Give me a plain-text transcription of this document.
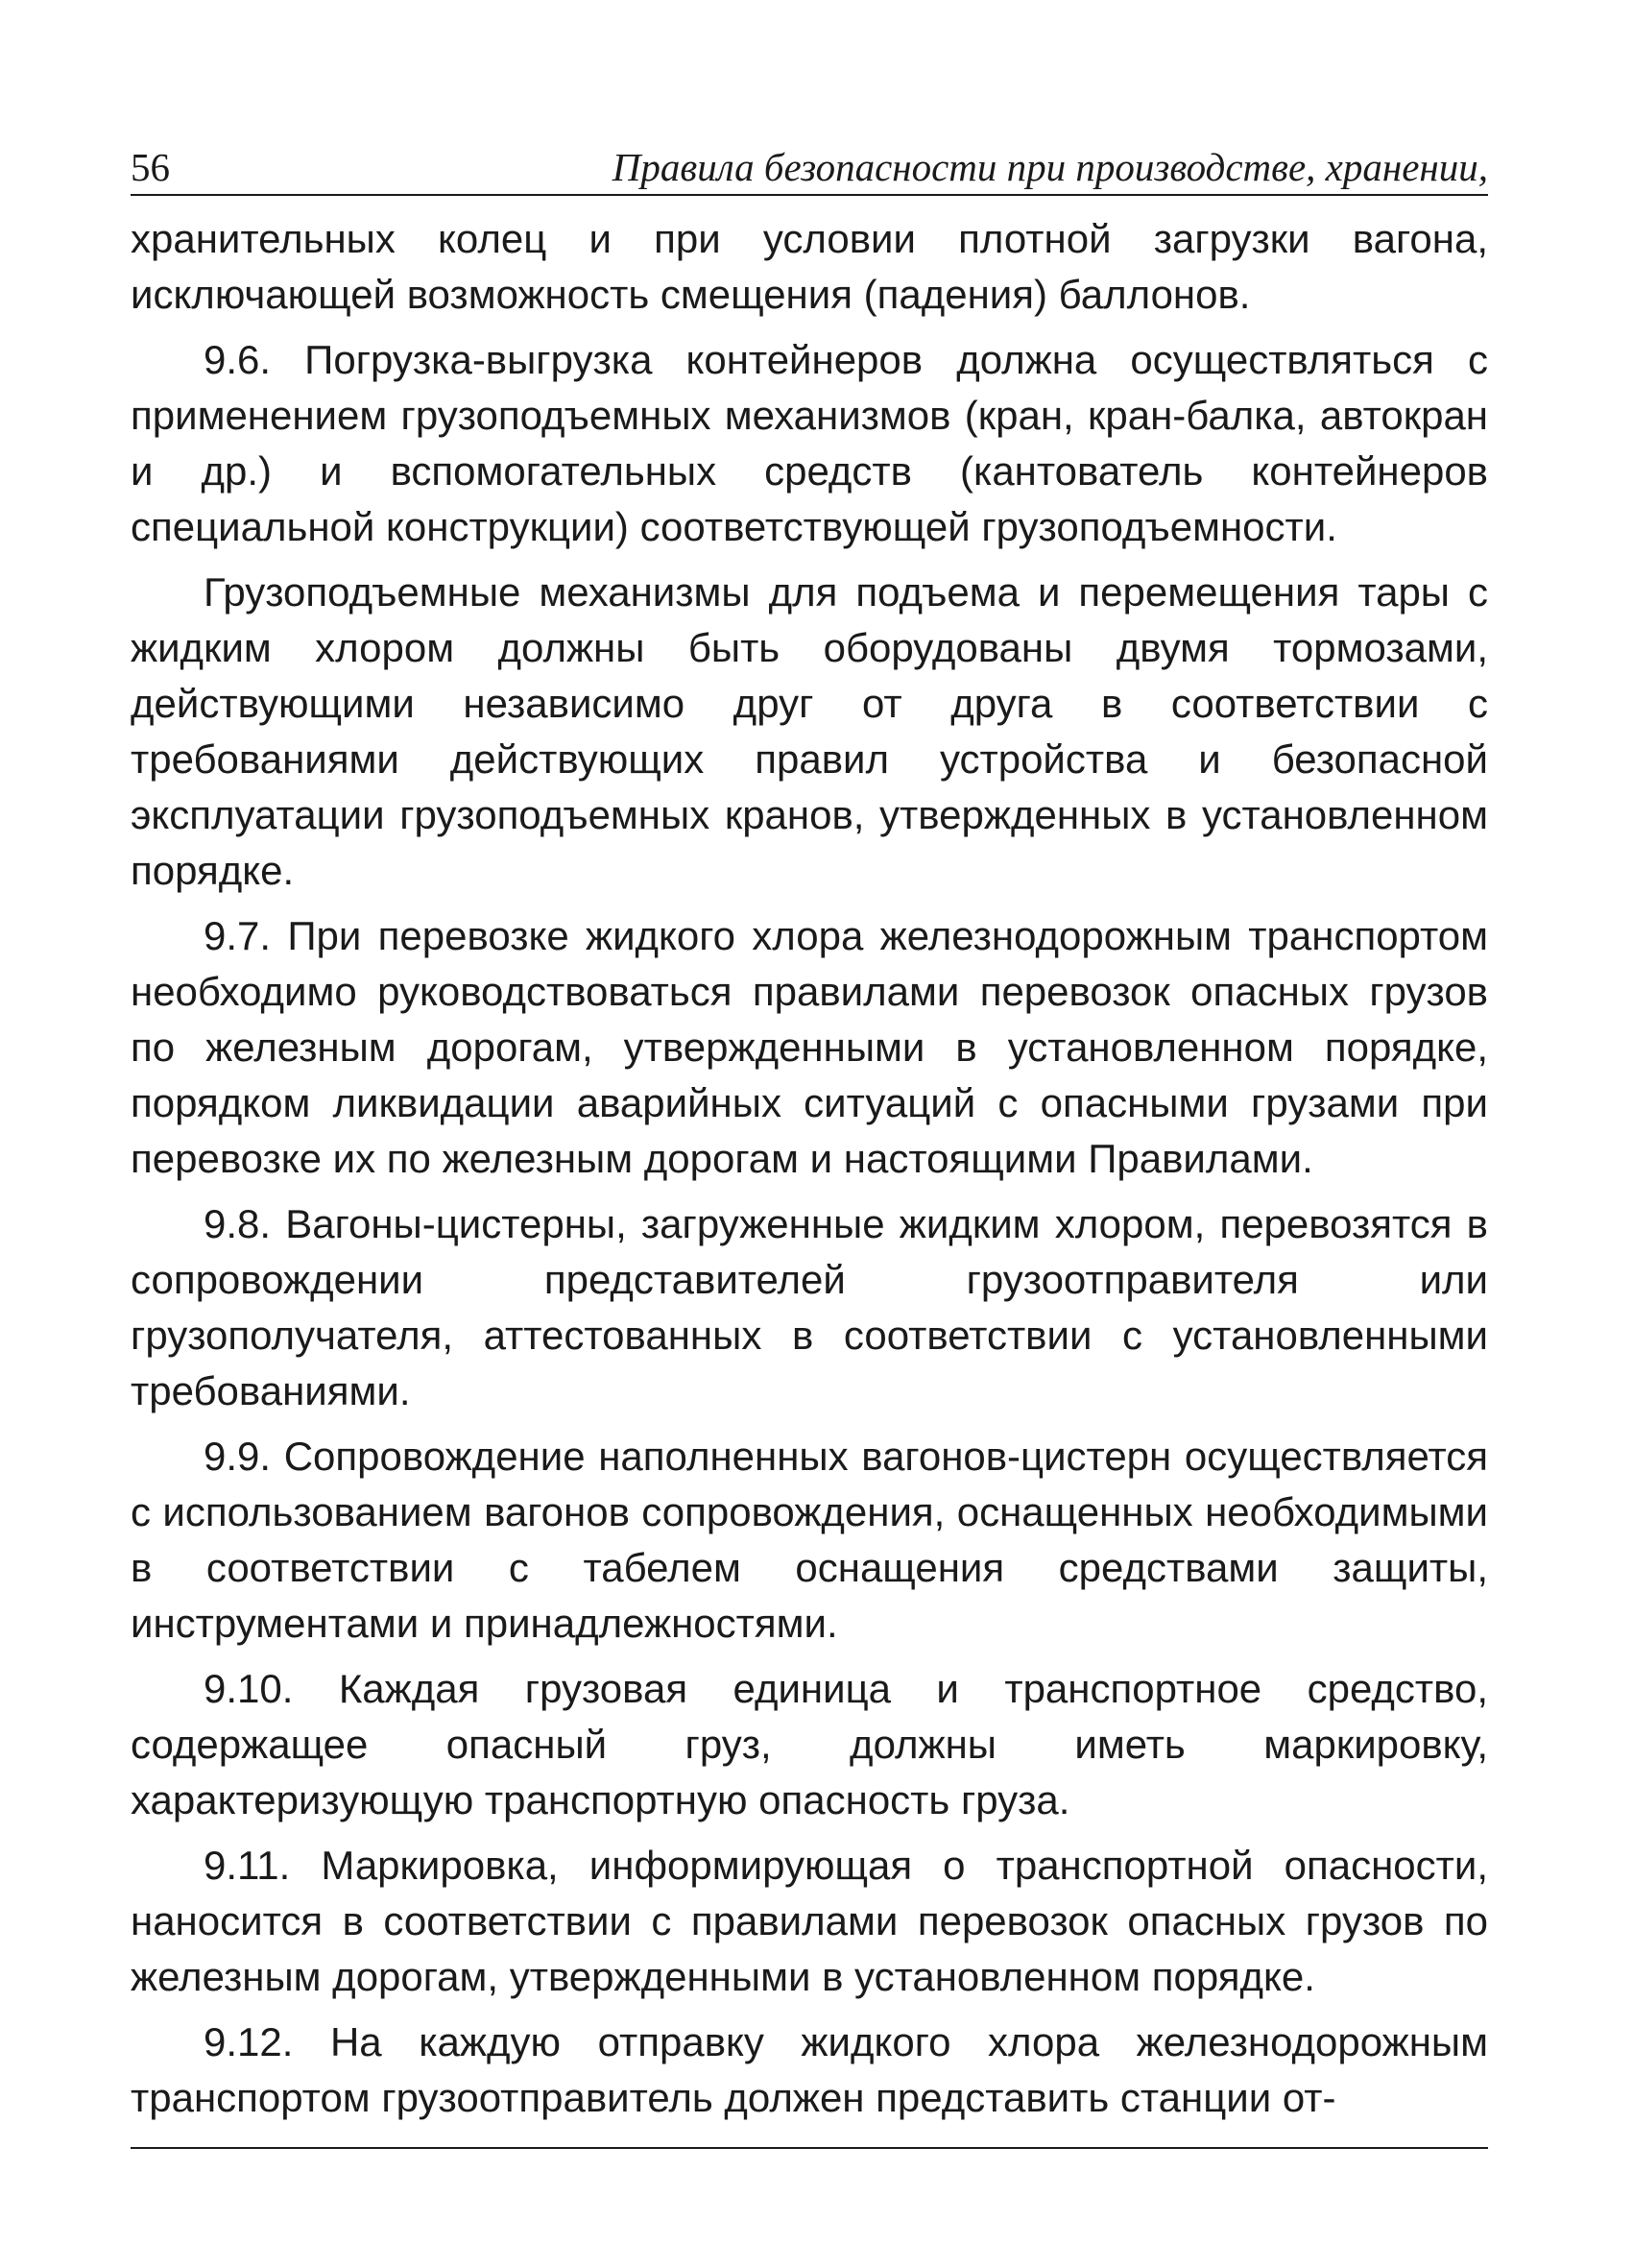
56	Правила безопасности при производстве, хранении,

хранительных колец и при условии плотной загрузки вагона, исключающей возможность смещения (падения) баллонов.

9.6. Погрузка-выгрузка контейнеров должна осуществляться с применением грузоподъемных механизмов (кран, кран-балка, автокран и др.) и вспомогательных средств (кантователь контейнеров специальной конструкции) соответствующей грузоподъемности.

Грузоподъемные механизмы для подъема и перемещения тары с жидким хлором должны быть оборудованы двумя тормозами, действующими независимо друг от друга в соответствии с требованиями действующих правил устройства и безопасной эксплуатации грузоподъемных кранов, утвержденных в установленном порядке.

9.7. При перевозке жидкого хлора железнодорожным транспортом необходимо руководствоваться правилами перевозок опасных грузов по железным дорогам, утвержденными в установленном порядке, порядком ликвидации аварийных ситуаций с опасными грузами при перевозке их по железным дорогам и настоящими Правилами.

9.8. Вагоны-цистерны, загруженные жидким хлором, перевозятся в сопровождении представителей грузоотправителя или грузополучателя, аттестованных в соответствии с установленными требованиями.

9.9. Сопровождение наполненных вагонов-цистерн осуществляется с использованием вагонов сопровождения, оснащенных необходимыми в соответствии с табелем оснащения средствами защиты, инструментами и принадлежностями.

9.10. Каждая грузовая единица и транспортное средство, содержащее опасный груз, должны иметь маркировку, характеризующую транспортную опасность груза.

9.11. Маркировка, информирующая о транспортной опасности, наносится в соответствии с правилами перевозок опасных грузов по железным дорогам, утвержденными в установленном порядке.

9.12. На каждую отправку жидкого хлора железнодорожным транспортом грузоотправитель должен представить станции от-
